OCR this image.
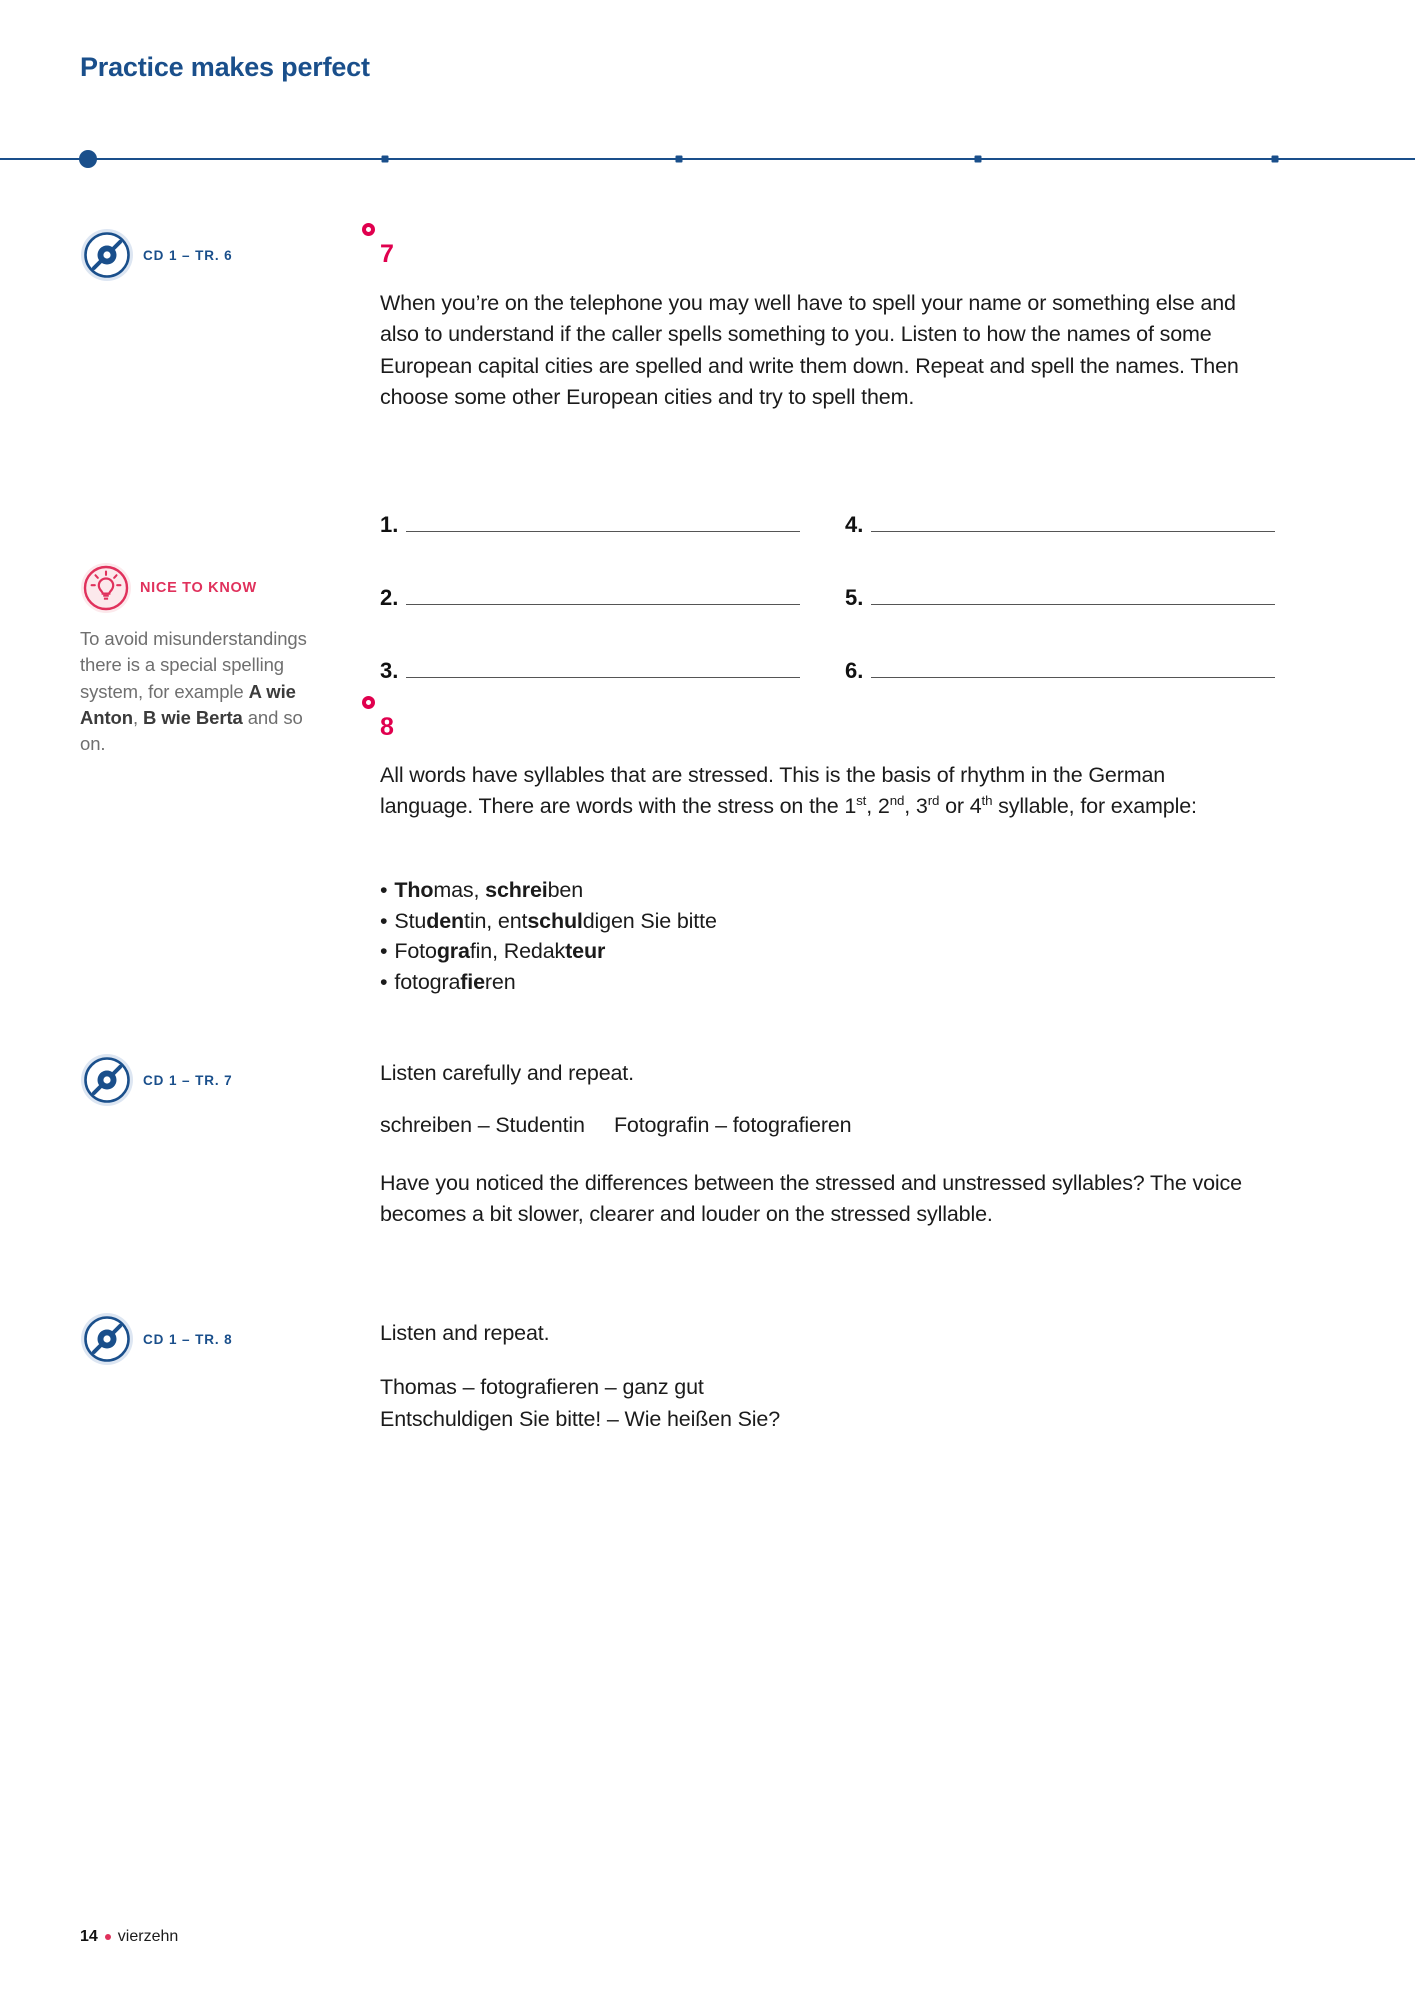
Practice makes perfect
CD 1 – TR. 6	7
When you’re on the telephone you may well have to spell your name or something else and also to understand if the caller spells something to you. Listen to how the names of some European capital cities are spelled and write them down. Repeat and spell the names. Then choose some other European cities and try to spell them.
1.
2.
3.
4.
5.
6.
NICE TO KNOW
To avoid misunderstandings there is a special spelling system, for example A wie Anton, B wie Berta and so on.
8
All words have syllables that are stressed. This is the basis of rhythm in the German language. There are words with the stress on the 1st, 2nd, 3rd or 4th syllable, for example:
• Thomas, schreiben
• Studentin, entschuldigen Sie bitte
• Fotografin, Redakteur
• fotografieren
CD 1 – TR. 7	Listen carefully and repeat.
schreiben – Studentin     Fotografin – fotografieren
Have you noticed the differences between the stressed and unstressed syllables? The voice becomes a bit slower, clearer and louder on the stressed syllable.
CD 1 – TR. 8	Listen and repeat.
Thomas – fotografieren – ganz gut
Entschuldigen Sie bitte! – Wie heißen Sie?
14 vierzehn
